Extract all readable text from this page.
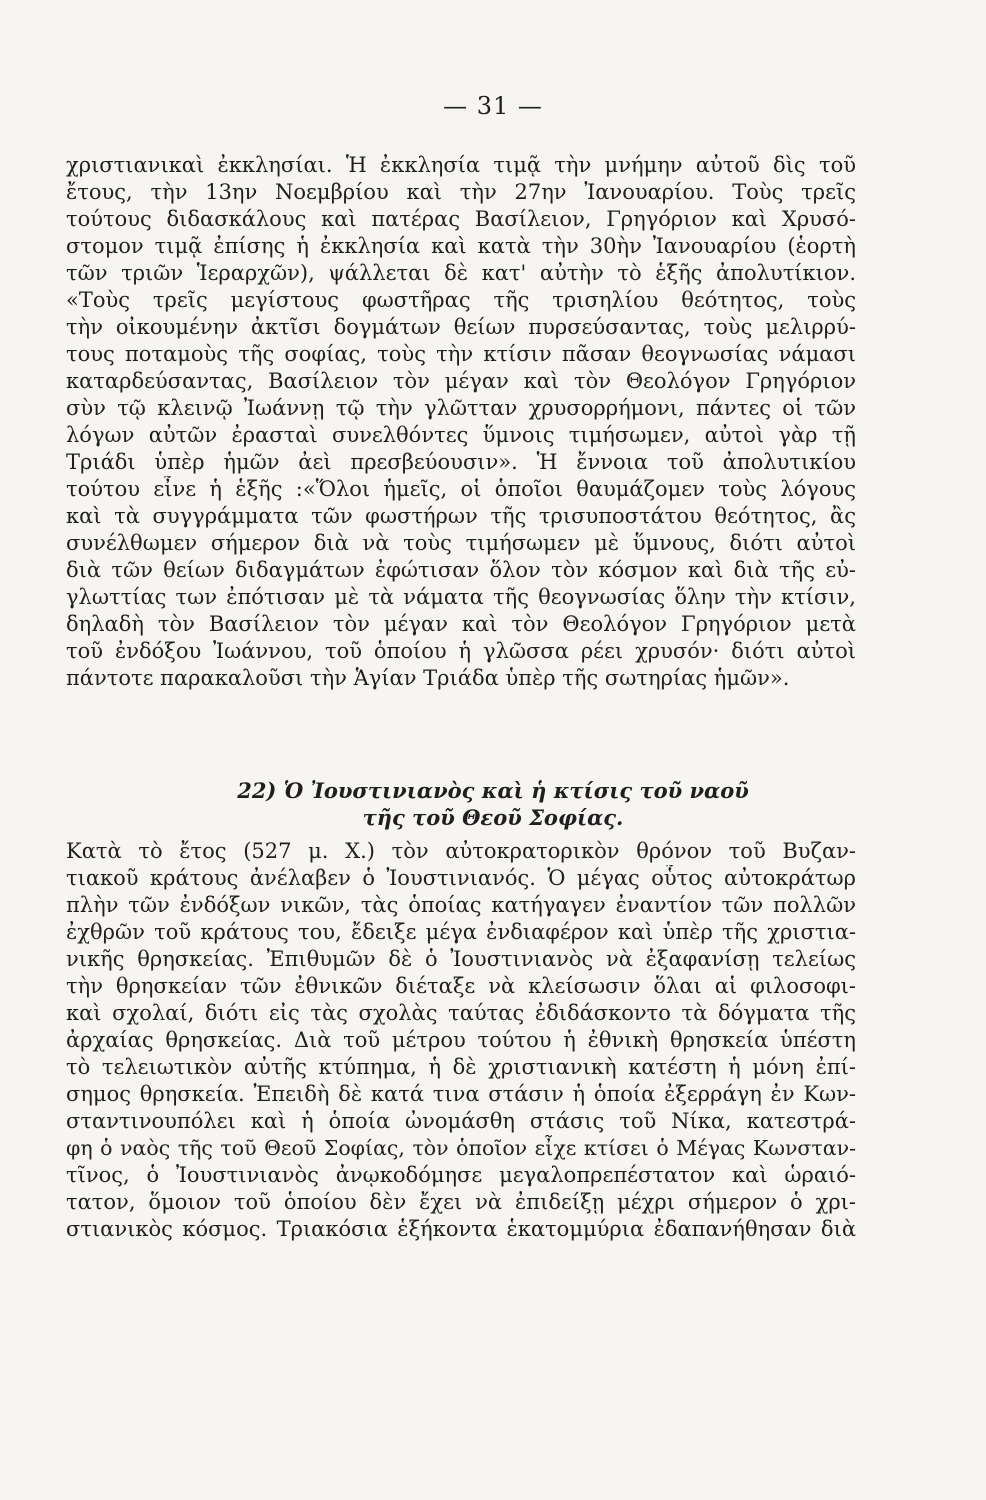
— 31 —
χριστιανικαὶ ἐκκλησίαι. Ἡ ἐκκλησία τιμᾷ τὴν μνήμην αὐτοῦ δὶς τοῦ
ἔτους, τὴν 13ην Νοεμβρίου καὶ τὴν 27ην Ἰανουαρίου. Τοὺς τρεῖς
τούτους διδασκάλους καὶ πατέρας Βασίλειον, Γρηγόριον καὶ Χρυσό-
στομον τιμᾷ ἐπίσης ἡ ἐκκλησία καὶ κατὰ τὴν 30ὴν Ἰανουαρίου (ἑορτὴ
τῶν τριῶν Ἱεραρχῶν), ψάλλεται δὲ κατ' αὐτὴν τὸ ἑξῆς ἀπολυτίκιον.
«Τοὺς τρεῖς μεγίστους φωστῆρας τῆς τρισηλίου θεότητος, τοὺς
τὴν οἰκουμένην ἀκτῖσι δογμάτων θείων πυρσεύσαντας, τοὺς μελιρρύ-
τους ποταμοὺς τῆς σοφίας, τοὺς τὴν κτίσιν πᾶσαν θεογνωσίας νάμασι
καταρδεύσαντας, Βασίλειον τὸν μέγαν καὶ τὸν Θεολόγον Γρηγόριον
σὺν τῷ κλεινῷ Ἰωάννῃ τῷ τὴν γλῶτταν χρυσορρήμονι, πάντες οἱ τῶν
λόγων αὐτῶν ἐρασταὶ συνελθόντες ὕμνοις τιμήσωμεν, αὐτοὶ γὰρ τῇ
Τριάδι ὑπὲρ ἡμῶν ἀεὶ πρεσβεύουσιν». Ἡ ἔννοια τοῦ ἀπολυτικίου
τούτου εἶνε ἡ ἑξῆς :«Ὅλοι ἡμεῖς, οἱ ὁποῖοι θαυμάζομεν τοὺς λόγους
καὶ τὰ συγγράμματα τῶν φωστήρων τῆς τρισυποστάτου θεότητος, ἂς
συνέλθωμεν σήμερον διὰ νὰ τοὺς τιμήσωμεν μὲ ὕμνους, διότι αὐτοὶ
διὰ τῶν θείων διδαγμάτων ἐφώτισαν ὅλον τὸν κόσμον καὶ διὰ τῆς εὐ-
γλωττίας των ἐπότισαν μὲ τὰ νάματα τῆς θεογνωσίας ὅλην τὴν κτίσιν,
δηλαδὴ τὸν Βασίλειον τὸν μέγαν καὶ τὸν Θεολόγον Γρηγόριον μετὰ
τοῦ ἐνδόξου Ἰωάννου, τοῦ ὁποίου ἡ γλῶσσα ρέει χρυσόν· διότι αὐτοὶ
πάντοτε παρακαλοῦσι τὴν Ἁγίαν Τριάδα ὑπὲρ τῆς σωτηρίας ἡμῶν».
22) Ὁ Ἰουστινιανὸς καὶ ἡ κτίσις τοῦ ναοῦ
τῆς τοῦ Θεοῦ Σοφίας.
Κατὰ τὸ ἔτος (527 μ. Χ.) τὸν αὐτοκρατορικὸν θρόνον τοῦ Βυζαν-
τιακοῦ κράτους ἀνέλαβεν ὁ Ἰουστινιανός. Ὁ μέγας οὗτος αὐτοκράτωρ
πλὴν τῶν ἐνδόξων νικῶν, τὰς ὁποίας κατήγαγεν ἐναντίον τῶν πολλῶν
ἐχθρῶν τοῦ κράτους του, ἔδειξε μέγα ἐνδιαφέρον καὶ ὑπὲρ τῆς χριστια-
νικῆς θρησκείας. Ἐπιθυμῶν δὲ ὁ Ἰουστινιανὸς νὰ ἐξαφανίσῃ τελείως
τὴν θρησκείαν τῶν ἐθνικῶν διέταξε νὰ κλείσωσιν ὅλαι αἱ φιλοσοφι-
καὶ σχολαί, διότι εἰς τὰς σχολὰς ταύτας ἐδιδάσκοντο τὰ δόγματα τῆς
ἀρχαίας θρησκείας. Διὰ τοῦ μέτρου τούτου ἡ ἐθνικὴ θρησκεία ὑπέστη
τὸ τελειωτικὸν αὐτῆς κτύπημα, ἡ δὲ χριστιανικὴ κατέστη ἡ μόνη ἐπί-
σημος θρησκεία. Ἐπειδὴ δὲ κατά τινα στάσιν ἡ ὁποία ἐξερράγη ἐν Κων-
σταντινουπόλει καὶ ἡ ὁποία ὠνομάσθη στάσις τοῦ Νίκα, κατεστρά-
φη ὁ ναὸς τῆς τοῦ Θεοῦ Σοφίας, τὸν ὁποῖον εἶχε κτίσει ὁ Μέγας Κωνσταν-
τῖνος, ὁ Ἰουστινιανὸς ἀνῳκοδόμησε μεγαλοπρεπέστατον καὶ ὡραιό-
τατον, ὅμοιον τοῦ ὁποίου δὲν ἔχει νὰ ἐπιδείξῃ μέχρι σήμερον ὁ χρι-
στιανικὸς κόσμος. Τριακόσια ἑξήκοντα ἑκατομμύρια ἐδαπανήθησαν διὰ
